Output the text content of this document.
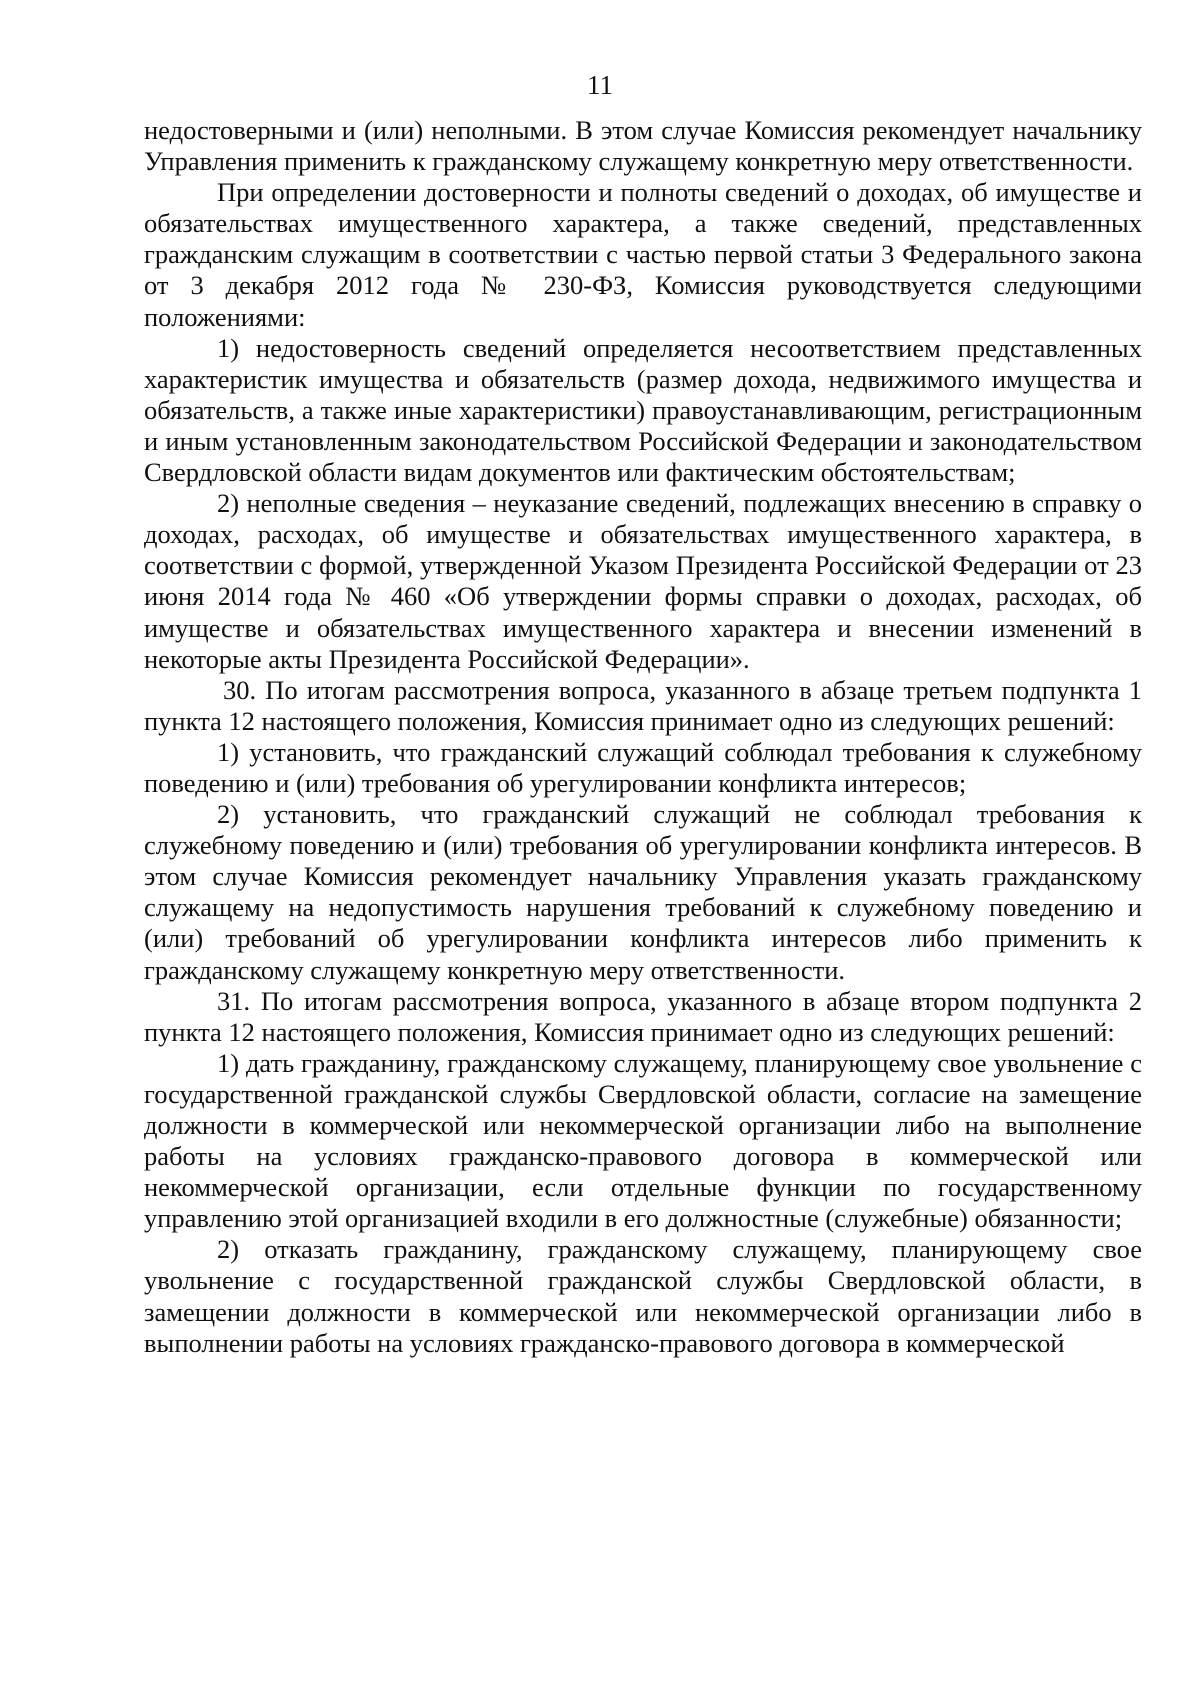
11

недостоверными и (или) неполными. В этом случае Комиссия рекомендует начальнику Управления применить к гражданскому служащему конкретную меру ответственности.

При определении достоверности и полноты сведений о доходах, об имуществе и обязательствах имущественного характера, а также сведений, представленных гражданским служащим в соответствии с частью первой статьи 3 Федерального закона от 3 декабря 2012 года № 230-ФЗ, Комиссия руководствуется следующими положениями:

1) недостоверность сведений определяется несоответствием представленных характеристик имущества и обязательств (размер дохода, недвижимого имущества и обязательств, а также иные характеристики) правоустанавливающим, регистрационным и иным установленным законодательством Российской Федерации и законодательством Свердловской области видам документов или фактическим обстоятельствам;

2) неполные сведения – неуказание сведений, подлежащих внесению в справку о доходах, расходах, об имуществе и обязательствах имущественного характера, в соответствии с формой, утвержденной Указом Президента Российской Федерации от 23 июня 2014 года № 460 «Об утверждении формы справки о доходах, расходах, об имуществе и обязательствах имущественного характера и внесении изменений в некоторые акты Президента Российской Федерации».

30. По итогам рассмотрения вопроса, указанного в абзаце третьем подпункта 1 пункта 12 настоящего положения, Комиссия принимает одно из следующих решений:

1) установить, что гражданский служащий соблюдал требования к служебному поведению и (или) требования об урегулировании конфликта интересов;

2) установить, что гражданский служащий не соблюдал требования к служебному поведению и (или) требования об урегулировании конфликта интересов. В этом случае Комиссия рекомендует начальнику Управления указать гражданскому служащему на недопустимость нарушения требований к служебному поведению и (или) требований об урегулировании конфликта интересов либо применить к гражданскому служащему конкретную меру ответственности.

31. По итогам рассмотрения вопроса, указанного в абзаце втором подпункта 2 пункта 12 настоящего положения, Комиссия принимает одно из следующих решений:

1) дать гражданину, гражданскому служащему, планирующему свое увольнение с государственной гражданской службы Свердловской области, согласие на замещение должности в коммерческой или некоммерческой организации либо на выполнение работы на условиях гражданско-правового договора в коммерческой или некоммерческой организации, если отдельные функции по государственному управлению этой организацией входили в его должностные (служебные) обязанности;

2) отказать гражданину, гражданскому служащему, планирующему свое увольнение с государственной гражданской службы Свердловской области, в замещении должности в коммерческой или некоммерческой организации либо в выполнении работы на условиях гражданско-правового договора в коммерческой
